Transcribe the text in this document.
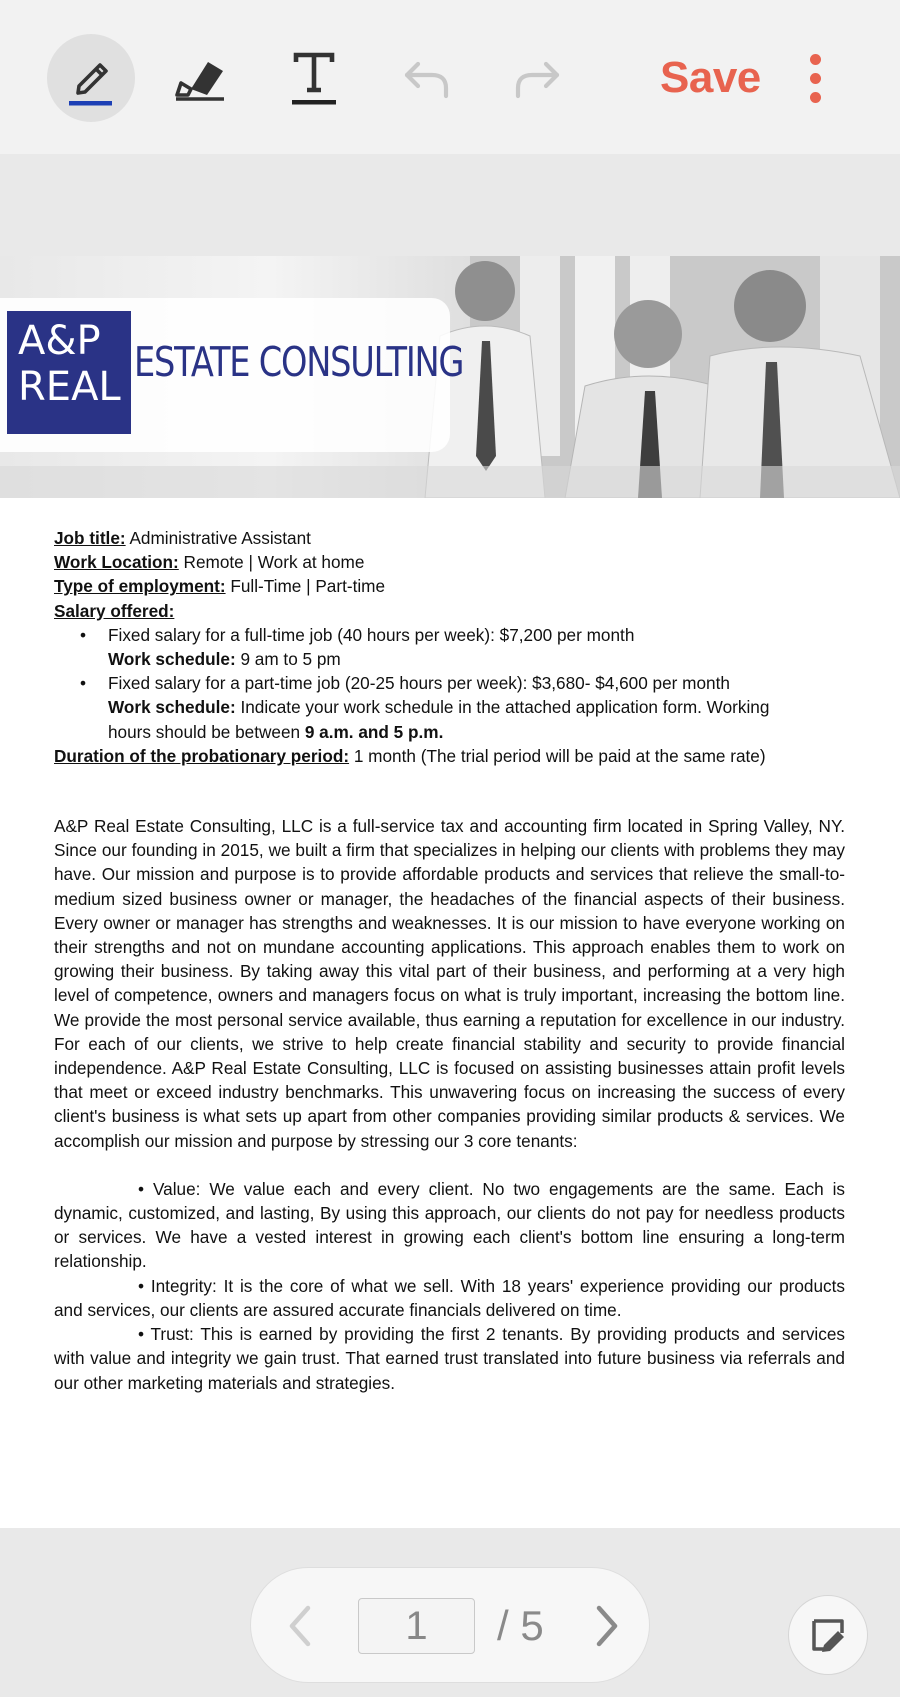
Save
A&P
REAL
ESTATE CONSULTING
Job title: Administrative Assistant
Work Location: Remote | Work at home
Type of employment: Full-Time | Part-time
Salary offered:
• Fixed salary for a full-time job (40 hours per week): $7,200 per month
Work schedule: 9 am to 5 pm
• Fixed salary for a part-time job (20-25 hours per week): $3,680- $4,600 per month
Work schedule: Indicate your work schedule in the attached application form. Working
hours should be between 9 a.m. and 5 p.m.
Duration of the probationary period: 1 month (The trial period will be paid at the same rate)

A&P Real Estate Consulting, LLC is a full-service tax and accounting firm located in Spring Valley, NY. Since our founding in 2015, we built a firm that specializes in helping our clients with problems they may have. Our mission and purpose is to provide affordable products and services that relieve the small-to-medium sized business owner or manager, the headaches of the financial aspects of their business. Every owner or manager has strengths and weaknesses. It is our mission to have everyone working on their strengths and not on mundane accounting applications. This approach enables them to work on growing their business. By taking away this vital part of their business, and performing at a very high level of competence, owners and managers focus on what is truly important, increasing the bottom line. We provide the most personal service available, thus earning a reputation for excellence in our industry. For each of our clients, we strive to help create financial stability and security to provide financial independence. A&P Real Estate Consulting, LLC is focused on assisting businesses attain profit levels that meet or exceed industry benchmarks. This unwavering focus on increasing the success of every client's business is what sets up apart from other companies providing similar products & services. We accomplish our mission and purpose by stressing our 3 core tenants:

• Value: We value each and every client. No two engagements are the same. Each is dynamic, customized, and lasting, By using this approach, our clients do not pay for needless products or services. We have a vested interest in growing each client's bottom line ensuring a long-term relationship.

• Integrity: It is the core of what we sell. With 18 years' experience providing our products and services, our clients are assured accurate financials delivered on time.

• Trust: This is earned by providing the first 2 tenants. By providing products and services with value and integrity we gain trust. That earned trust translated into future business via referrals and our other marketing materials and strategies.

1	/ 5
